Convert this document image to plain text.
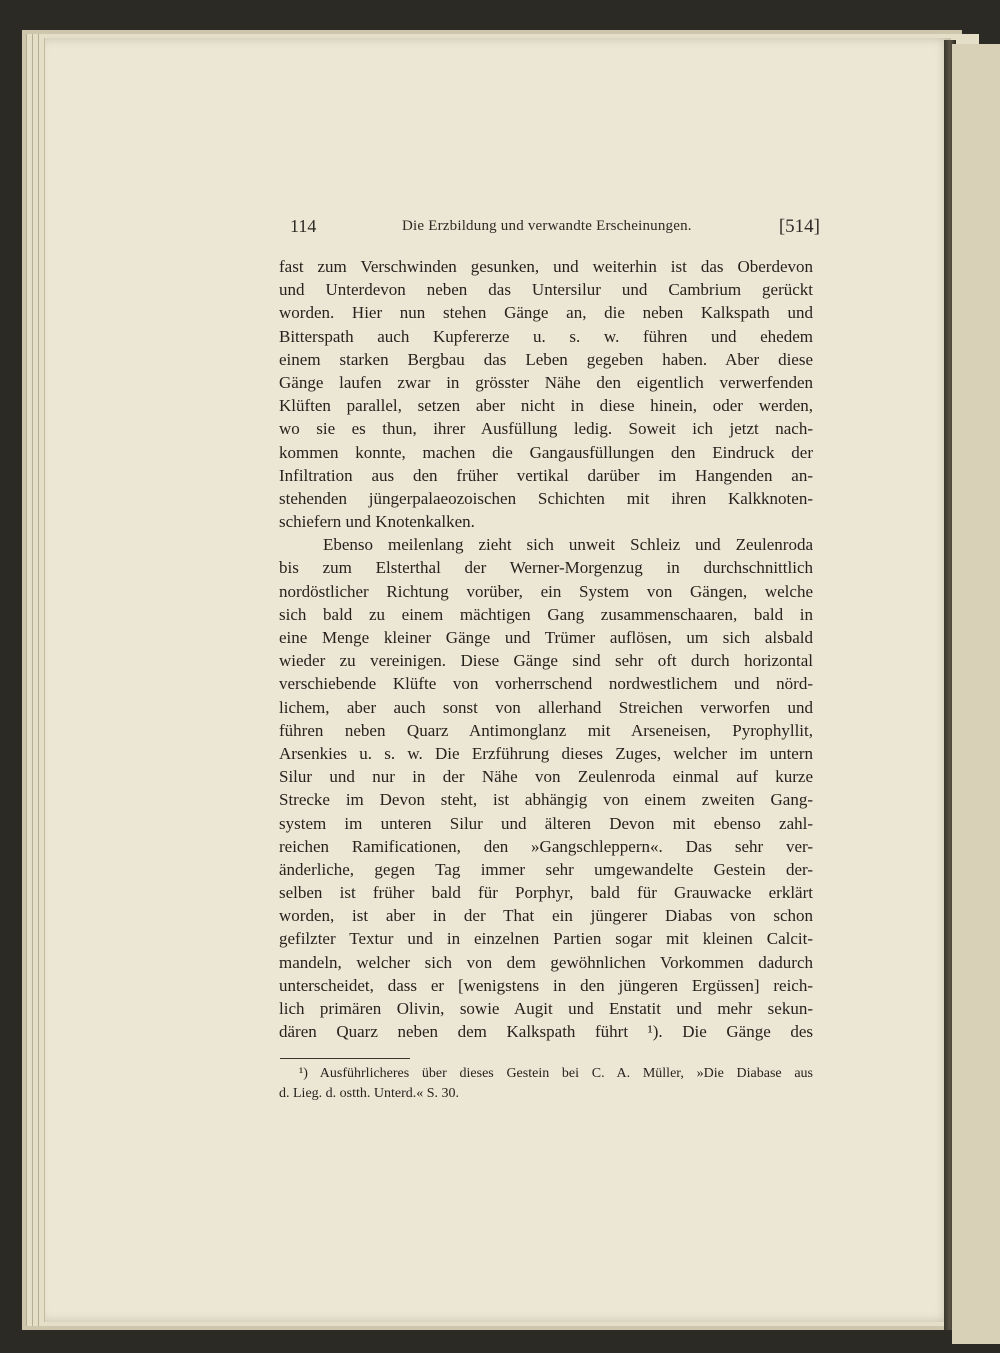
114	Die Erzbildung und verwandte Erscheinungen.	[514]
fast zum Verschwinden gesunken, und weiterhin ist das Oberdevon
und Unterdevon neben das Untersilur und Cambrium gerückt
worden. Hier nun stehen Gänge an, die neben Kalkspath und
Bitterspath auch Kupfererze u. s. w. führen und ehedem
einem starken Bergbau das Leben gegeben haben. Aber diese
Gänge laufen zwar in grösster Nähe den eigentlich verwerfenden
Klüften parallel, setzen aber nicht in diese hinein, oder werden,
wo sie es thun, ihrer Ausfüllung ledig. Soweit ich jetzt nach-
kommen konnte, machen die Gangausfüllungen den Eindruck der
Infiltration aus den früher vertikal darüber im Hangenden an-
stehenden jüngerpalaeozoischen Schichten mit ihren Kalkknoten-
schiefern und Knotenkalken.
Ebenso meilenlang zieht sich unweit Schleiz und Zeulenroda
bis zum Elsterthal der Werner-Morgenzug in durchschnittlich
nordöstlicher Richtung vorüber, ein System von Gängen, welche
sich bald zu einem mächtigen Gang zusammenschaaren, bald in
eine Menge kleiner Gänge und Trümer auflösen, um sich alsbald
wieder zu vereinigen. Diese Gänge sind sehr oft durch horizontal
verschiebende Klüfte von vorherrschend nordwestlichem und nörd-
lichem, aber auch sonst von allerhand Streichen verworfen und
führen neben Quarz Antimonglanz mit Arseneisen, Pyrophyllit,
Arsenkies u. s. w. Die Erzführung dieses Zuges, welcher im untern
Silur und nur in der Nähe von Zeulenroda einmal auf kurze
Strecke im Devon steht, ist abhängig von einem zweiten Gang-
system im unteren Silur und älteren Devon mit ebenso zahl-
reichen Ramificationen, den »Gangschleppern«. Das sehr ver-
änderliche, gegen Tag immer sehr umgewandelte Gestein der-
selben ist früher bald für Porphyr, bald für Grauwacke erklärt
worden, ist aber in der That ein jüngerer Diabas von schon
gefilzter Textur und in einzelnen Partien sogar mit kleinen Calcit-
mandeln, welcher sich von dem gewöhnlichen Vorkommen dadurch
unterscheidet, dass er [wenigstens in den jüngeren Ergüssen] reich-
lich primären Olivin, sowie Augit und Enstatit und mehr sekun-
dären Quarz neben dem Kalkspath führt ¹). Die Gänge des
¹) Ausführlicheres über dieses Gestein bei C. A. Müller, »Die Diabase aus
d. Lieg. d. ostth. Unterd.« S. 30.
